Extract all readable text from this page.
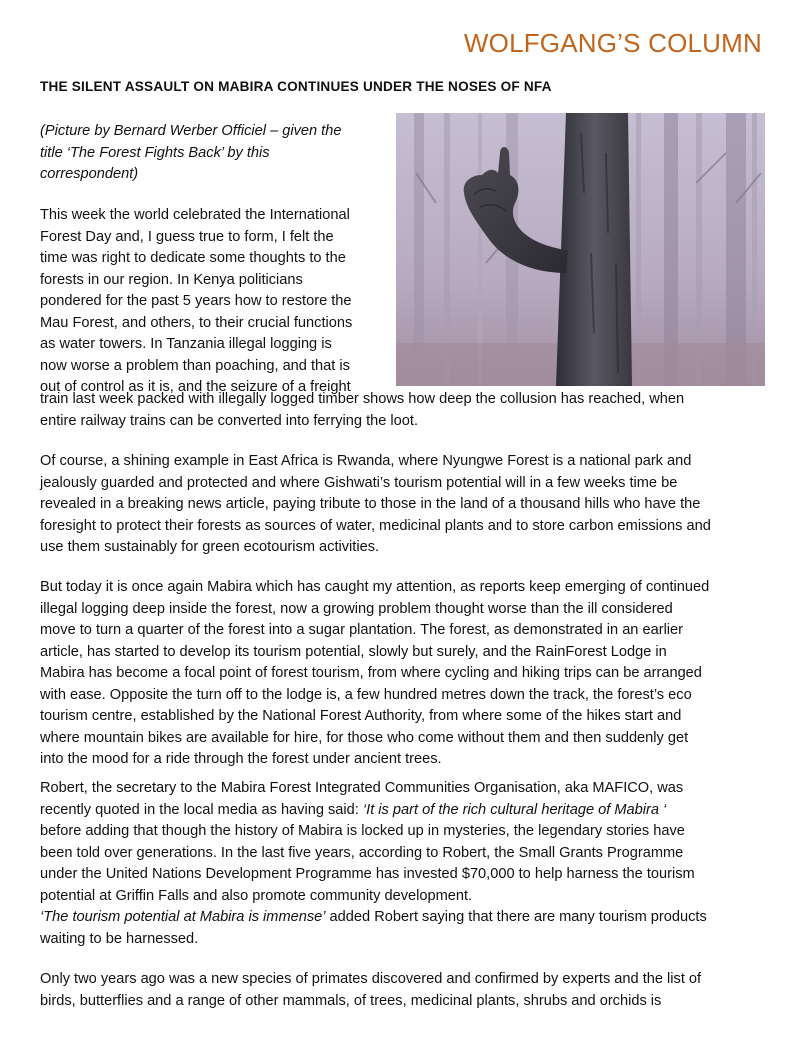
WOLFGANG’S COLUMN
THE SILENT ASSAULT ON MABIRA CONTINUES UNDER THE NOSES OF NFA
(Picture by Bernard Werber Officiel – given the
title ‘The Forest Fights Back’ by this
correspondent)
This week the world celebrated the International
Forest Day and, I guess true to form, I felt the
time was right to dedicate some thoughts to the
forests in our region. In Kenya politicians
pondered for the past 5 years how to restore the
Mau Forest, and others, to their crucial functions
as water towers. In Tanzania illegal logging is
now worse a problem than poaching, and that is
out of control as it is, and the seizure of a freight
train last week packed with illegally logged timber shows how deep the collusion has reached, when
entire railway trains can be converted into ferrying the loot.
Of course, a shining example in East Africa is Rwanda, where Nyungwe Forest is a national park and
jealously guarded and protected and where Gishwati’s tourism potential will in a few weeks time be
revealed in a breaking news article, paying tribute to those in the land of a thousand hills who have the
foresight to protect their forests as sources of water, medicinal plants and to store carbon emissions and
use them sustainably for green ecotourism activities.
But today it is once again Mabira which has caught my attention, as reports keep emerging of continued
illegal logging deep inside the forest, now a growing problem thought worse than the ill considered
move to turn a quarter of the forest into a sugar plantation. The forest, as demonstrated in an earlier
article, has started to develop its tourism potential, slowly but surely, and the RainForest Lodge in
Mabira has become a focal point of forest tourism, from where cycling and hiking trips can be arranged
with ease. Opposite the turn off to the lodge is, a few hundred metres down the track, the forest’s eco
tourism centre, established by the National Forest Authority, from where some of the hikes start and
where mountain bikes are available for hire, for those who come without them and then suddenly get
into the mood for a ride through the forest under ancient trees.
Robert, the secretary to the Mabira Forest Integrated Communities Organisation, aka MAFICO, was
recently quoted in the local media as having said: ‘It is part of the rich cultural heritage of Mabira ‘
before adding that though the history of Mabira is locked up in mysteries, the legendary stories have
been told over generations. In the last five years, according to Robert, the Small Grants Programme
under the United Nations Development Programme has invested $70,000 to help harness the tourism
potential at Griffin Falls and also promote community development.
‘The tourism potential at Mabira is immense’ added Robert saying that there are many tourism products
waiting to be harnessed.
Only two years ago was a new species of primates discovered and confirmed by experts and the list of
birds, butterflies and a range of other mammals, of trees, medicinal plants, shrubs and orchids is
